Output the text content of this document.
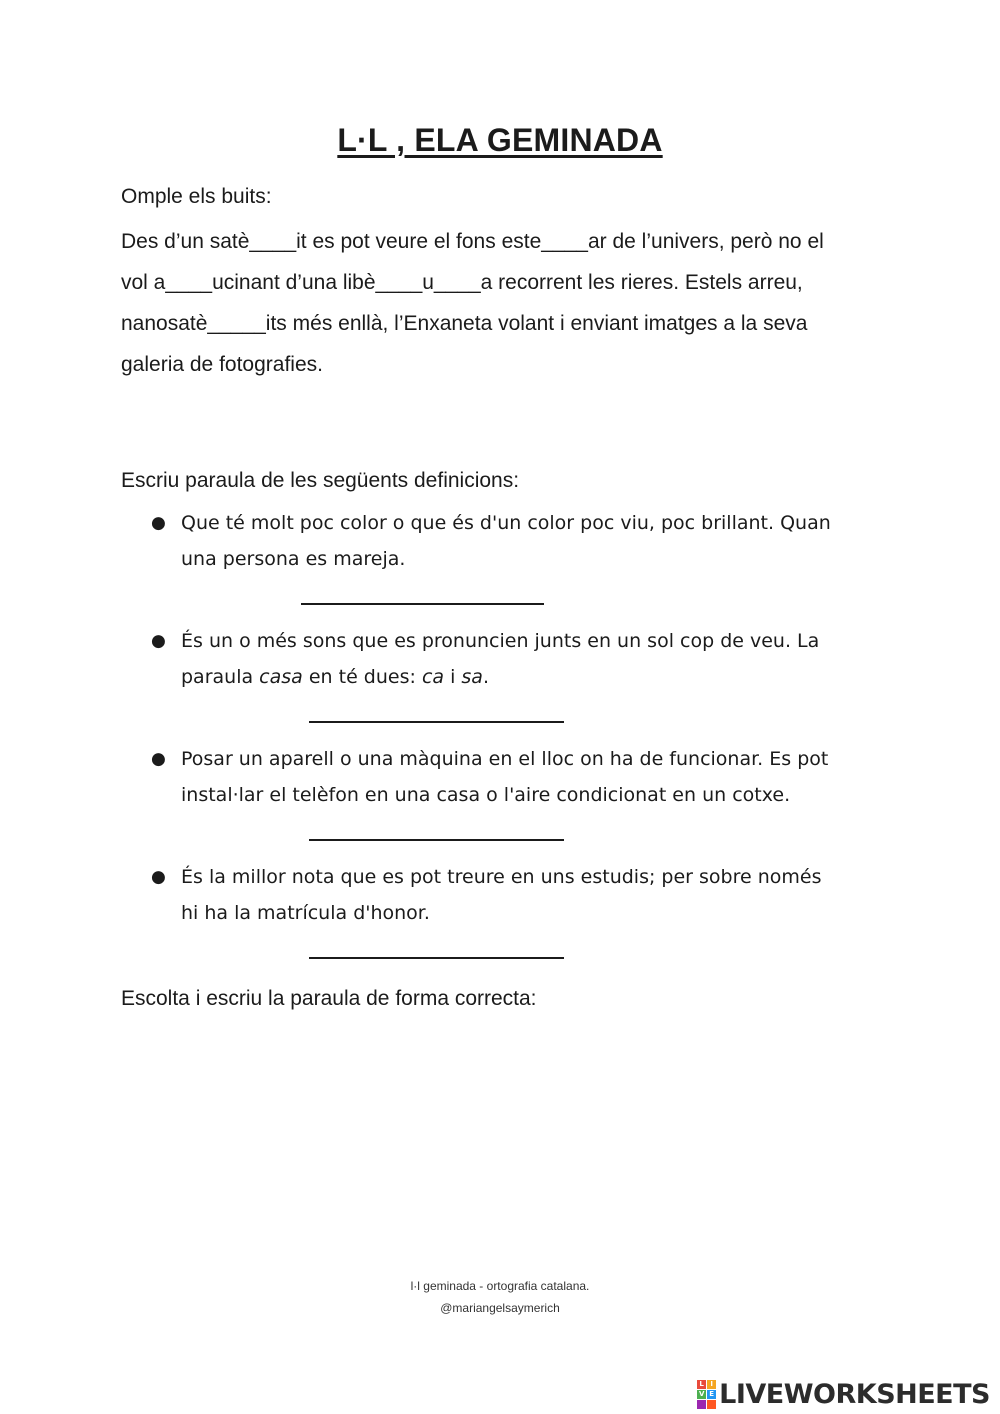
L·L , ELA GEMINADA
Omple els buits:
Des d’un satè____it es pot veure el fons este____ar de l’univers, però no el
vol a____ucinant d’una libè____u____a recorrent les rieres. Estels arreu,
nanosatè_____its més enllà, l’Enxaneta volant i enviant imatges a la seva
galeria de fotografies.
Escriu paraula de les següents definicions:
● Que té molt poc color o que és d'un color poc viu, poc brillant. Quan
una persona es mareja.
● És un o més sons que es pronuncien junts en un sol cop de veu. La
paraula casa en té dues: ca i sa.
● Posar un aparell o una màquina en el lloc on ha de funcionar. Es pot
instal·lar el telèfon en una casa o l'aire condicionat en un cotxe.
● És la millor nota que es pot treure en uns estudis; per sobre només
hi ha la matrícula d'honor.
Escolta i escriu la paraula de forma correcta:
l·l geminada - ortografia catalana.
@mariangelsaymerich
L I
V E LIVEWORKSHEETS
